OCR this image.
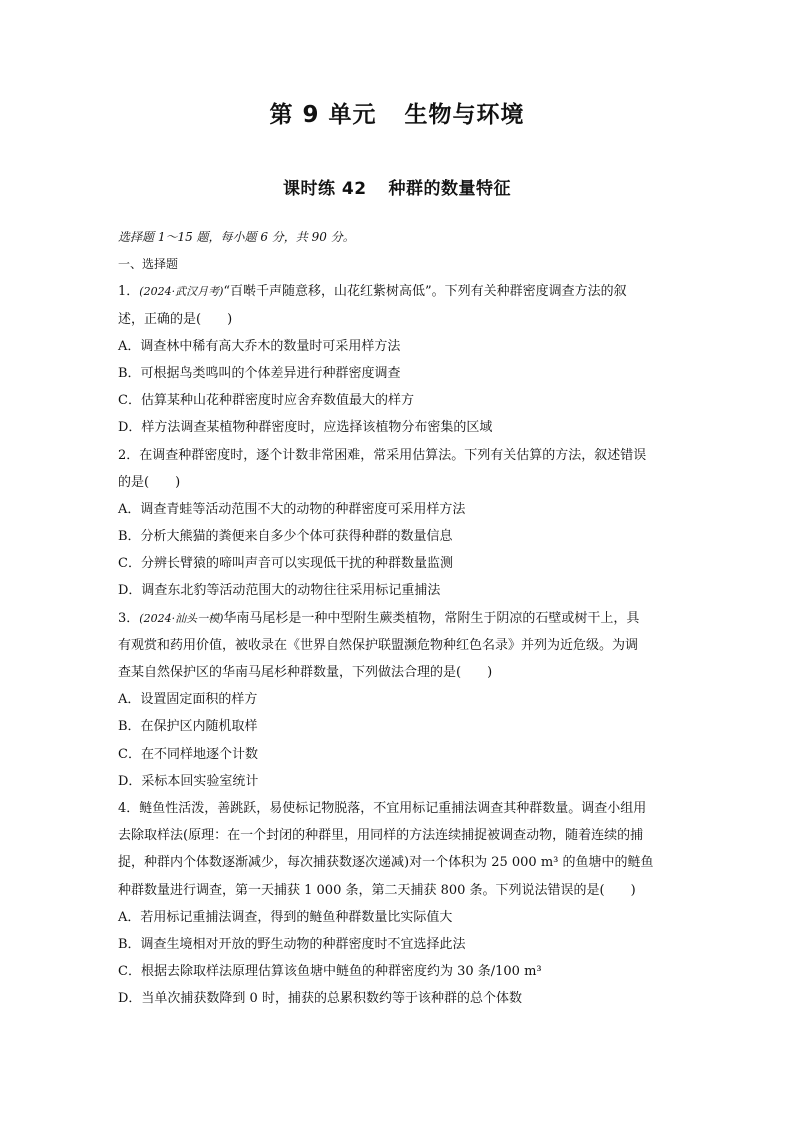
第 9 单元 生物与环境
课时练 42 种群的数量特征
选择题 1～15 题，每小题 6 分，共 90 分。
一、选择题
1．(2024·武汉月考)“百啭千声随意移，山花红紫树高低”。下列有关种群密度调查方法的叙
述，正确的是(　　)
A．调查林中稀有高大乔木的数量时可采用样方法
B．可根据鸟类鸣叫的个体差异进行种群密度调查
C．估算某种山花种群密度时应舍弃数值最大的样方
D．样方法调查某植物种群密度时，应选择该植物分布密集的区域
2．在调查种群密度时，逐个计数非常困难，常采用估算法。下列有关估算的方法，叙述错误
的是(　　)
A．调查青蛙等活动范围不大的动物的种群密度可采用样方法
B．分析大熊猫的粪便来自多少个体可获得种群的数量信息
C．分辨长臂猿的啼叫声音可以实现低干扰的种群数量监测
D．调查东北豹等活动范围大的动物往往采用标记重捕法
3．(2024·汕头一模)华南马尾杉是一种中型附生蕨类植物，常附生于阴凉的石壁或树干上，具
有观赏和药用价值，被收录在《世界自然保护联盟濒危物种红色名录》并列为近危级。为调
查某自然保护区的华南马尾杉种群数量，下列做法合理的是(　　)
A．设置固定面积的样方
B．在保护区内随机取样
C．在不同样地逐个计数
D．采标本回实验室统计
4．鲢鱼性活泼，善跳跃，易使标记物脱落，不宜用标记重捕法调查其种群数量。调查小组用
去除取样法(原理：在一个封闭的种群里，用同样的方法连续捕捉被调查动物，随着连续的捕
捉，种群内个体数逐渐减少，每次捕获数逐次递减)对一个体积为 25 000 m³ 的鱼塘中的鲢鱼
种群数量进行调查，第一天捕获 1 000 条，第二天捕获 800 条。下列说法错误的是(　　)
A．若用标记重捕法调查，得到的鲢鱼种群数量比实际值大
B．调查生境相对开放的野生动物的种群密度时不宜选择此法
C．根据去除取样法原理估算该鱼塘中鲢鱼的种群密度约为 30 条/100 m³
D．当单次捕获数降到 0 时，捕获的总累积数约等于该种群的总个体数
